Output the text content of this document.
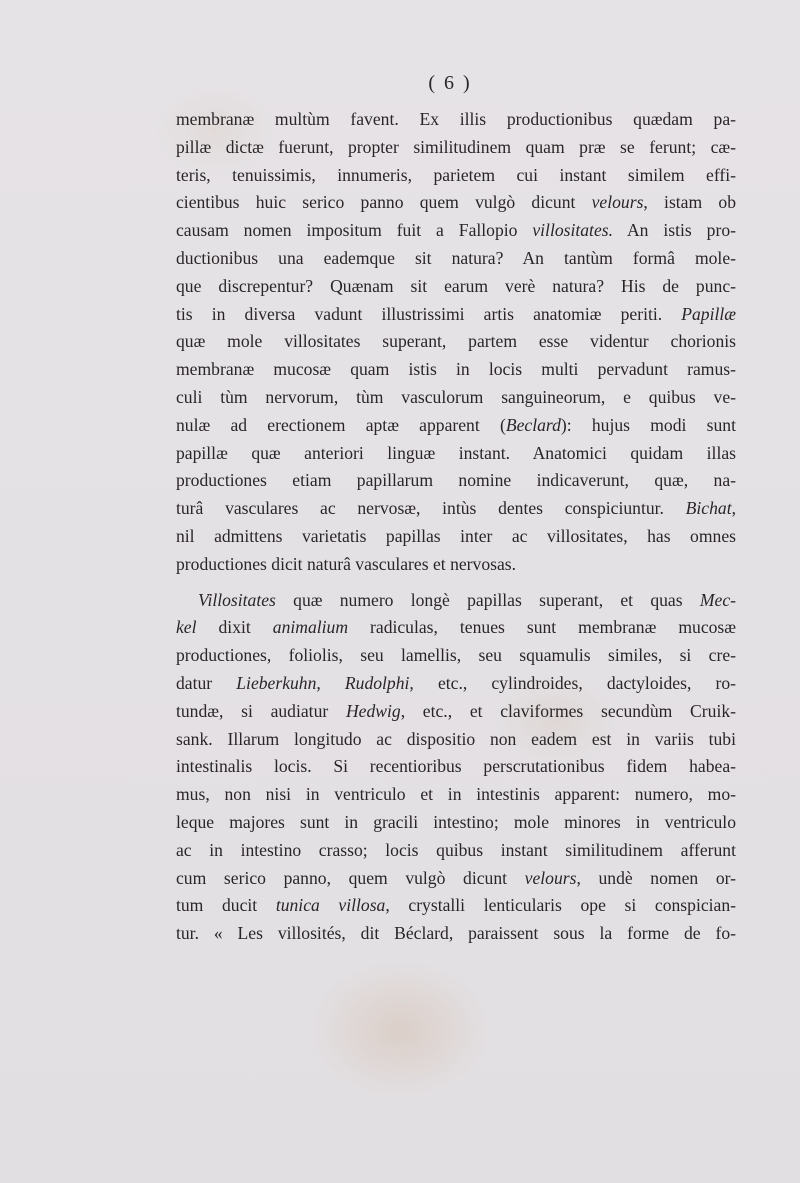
( 6 )
membranæ multùm favent. Ex illis productionibus quædam pa-
pillæ dictæ fuerunt, propter similitudinem quam præ se ferunt; cæ-
teris, tenuissimis, innumeris, parietem cui instant similem effi-
cientibus huic serico panno quem vulgò dicunt velours, istam ob
causam nomen impositum fuit a Fallopio villositates. An istis pro-
ductionibus una eademque sit natura? An tantùm formâ mole-
que discrepentur? Quænam sit earum verè natura? His de punc-
tis in diversa vadunt illustrissimi artis anatomiæ periti. Papillæ
quæ mole villositates superant, partem esse videntur chorionis
membranæ mucosæ quam istis in locis multi pervadunt ramus-
culi tùm nervorum, tùm vasculorum sanguineorum, e quibus ve-
nulæ ad erectionem aptæ apparent (Beclard): hujus modi sunt
papillæ quæ anteriori linguæ instant. Anatomici quidam illas
productiones etiam papillarum nomine indicaverunt, quæ, na-
turâ vasculares ac nervosæ, intùs dentes conspiciuntur. Bichat,
nil admittens varietatis papillas inter ac villositates, has omnes
productiones dicit naturâ vasculares et nervosas.
Villositates quæ numero longè papillas superant, et quas Mec-
kel dixit animalium radiculas, tenues sunt membranæ mucosæ
productiones, foliolis, seu lamellis, seu squamulis similes, si cre-
datur Lieberkuhn, Rudolphi, etc., cylindroides, dactyloides, ro-
tundæ, si audiatur Hedwig, etc., et claviformes secundùm Cruik-
sank. Illarum longitudo ac dispositio non eadem est in variis tubi
intestinalis locis. Si recentioribus perscrutationibus fidem habea-
mus, non nisi in ventriculo et in intestinis apparent: numero, mo-
leque majores sunt in gracili intestino; mole minores in ventriculo
ac in intestino crasso; locis quibus instant similitudinem afferunt
cum serico panno, quem vulgò dicunt velours, undè nomen or-
tum ducit tunica villosa, crystalli lenticularis ope si conspician-
tur. « Les villosités, dit Béclard, paraissent sous la forme de fo-
